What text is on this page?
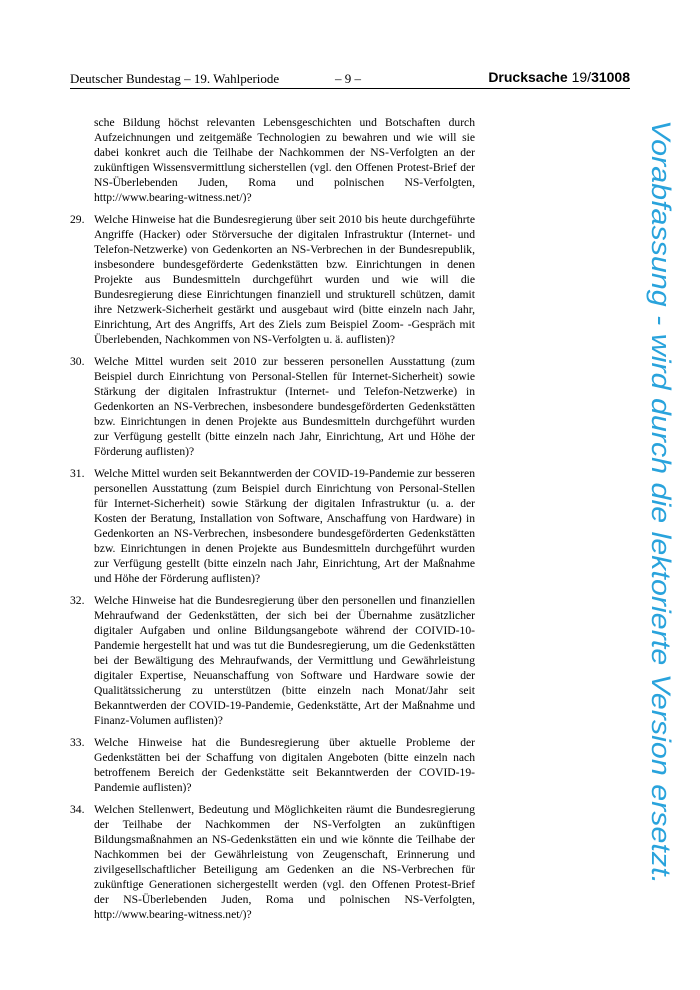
Deutscher Bundestag – 19. Wahlperiode	– 9 –	Drucksache 19/31008
sche Bildung höchst relevanten Lebensgeschichten und Botschaften durch Aufzeichnungen und zeitgemäße Technologien zu bewahren und wie will sie dabei konkret auch die Teilhabe der Nachkommen der NS-Verfolgten an der zukünftigen Wissensvermittlung sicherstellen (vgl. den Offenen Protest-Brief der NS-Überlebenden Juden, Roma und polnischen NS-Verfolgten, http://www.bearing-witness.net/)?
29. Welche Hinweise hat die Bundesregierung über seit 2010 bis heute durchgeführte Angriffe (Hacker) oder Störversuche der digitalen Infrastruktur (Internet- und Telefon-Netzwerke) von Gedenkorten an NS-Verbrechen in der Bundesrepublik, insbesondere bundesgeförderte Gedenkstätten bzw. Einrichtungen in denen Projekte aus Bundesmitteln durchgeführt wurden und wie will die Bundesregierung diese Einrichtungen finanziell und strukturell schützen, damit ihre Netzwerk-Sicherheit gestärkt und ausgebaut wird (bitte einzeln nach Jahr, Einrichtung, Art des Angriffs, Art des Ziels zum Beispiel Zoom- -Gespräch mit Überlebenden, Nachkommen von NS-Verfolgten u. ä. auflisten)?
30. Welche Mittel wurden seit 2010 zur besseren personellen Ausstattung (zum Beispiel durch Einrichtung von Personal-Stellen für Internet-Sicherheit) sowie Stärkung der digitalen Infrastruktur (Internet- und Telefon-Netzwerke) in Gedenkorten an NS-Verbrechen, insbesondere bundesgeförderten Gedenkstätten bzw. Einrichtungen in denen Projekte aus Bundesmitteln durchgeführt wurden zur Verfügung gestellt (bitte einzeln nach Jahr, Einrichtung, Art und Höhe der Förderung auflisten)?
31. Welche Mittel wurden seit Bekanntwerden der COVID-19-Pandemie zur besseren personellen Ausstattung (zum Beispiel durch Einrichtung von Personal-Stellen für Internet-Sicherheit) sowie Stärkung der digitalen Infrastruktur (u. a. der Kosten der Beratung, Installation von Software, Anschaffung von Hardware) in Gedenkorten an NS-Verbrechen, insbesondere bundesgeförderten Gedenkstätten bzw. Einrichtungen in denen Projekte aus Bundesmitteln durchgeführt wurden zur Verfügung gestellt (bitte einzeln nach Jahr, Einrichtung, Art der Maßnahme und Höhe der Förderung auflisten)?
32. Welche Hinweise hat die Bundesregierung über den personellen und finanziellen Mehraufwand der Gedenkstätten, der sich bei der Übernahme zusätzlicher digitaler Aufgaben und online Bildungsangebote während der COIVID-10-Pandemie hergestellt hat und was tut die Bundesregierung, um die Gedenkstätten bei der Bewältigung des Mehraufwands, der Vermittlung und Gewährleistung digitaler Expertise, Neuanschaffung von Software und Hardware sowie der Qualitätssicherung zu unterstützen (bitte einzeln nach Monat/Jahr seit Bekanntwerden der COVID-19-Pandemie, Gedenkstätte, Art der Maßnahme und Finanz-Volumen auflisten)?
33. Welche Hinweise hat die Bundesregierung über aktuelle Probleme der Gedenkstätten bei der Schaffung von digitalen Angeboten (bitte einzeln nach betroffenem Bereich der Gedenkstätte seit Bekanntwerden der COVID-19-Pandemie auflisten)?
34. Welchen Stellenwert, Bedeutung und Möglichkeiten räumt die Bundesregierung der Teilhabe der Nachkommen der NS-Verfolgten an zukünftigen Bildungsmaßnahmen an NS-Gedenkstätten ein und wie könnte die Teilhabe der Nachkommen bei der Gewährleistung von Zeugenschaft, Erinnerung und zivilgesellschaftlicher Beteiligung am Gedenken an die NS-Verbrechen für zukünftige Generationen sichergestellt werden (vgl. den Offenen Protest-Brief der NS-Überlebenden Juden, Roma und polnischen NS-Verfolgten, http://www.bearing-witness.net/)?
Vorabfassung - wird durch die lektorierte Version ersetzt.
